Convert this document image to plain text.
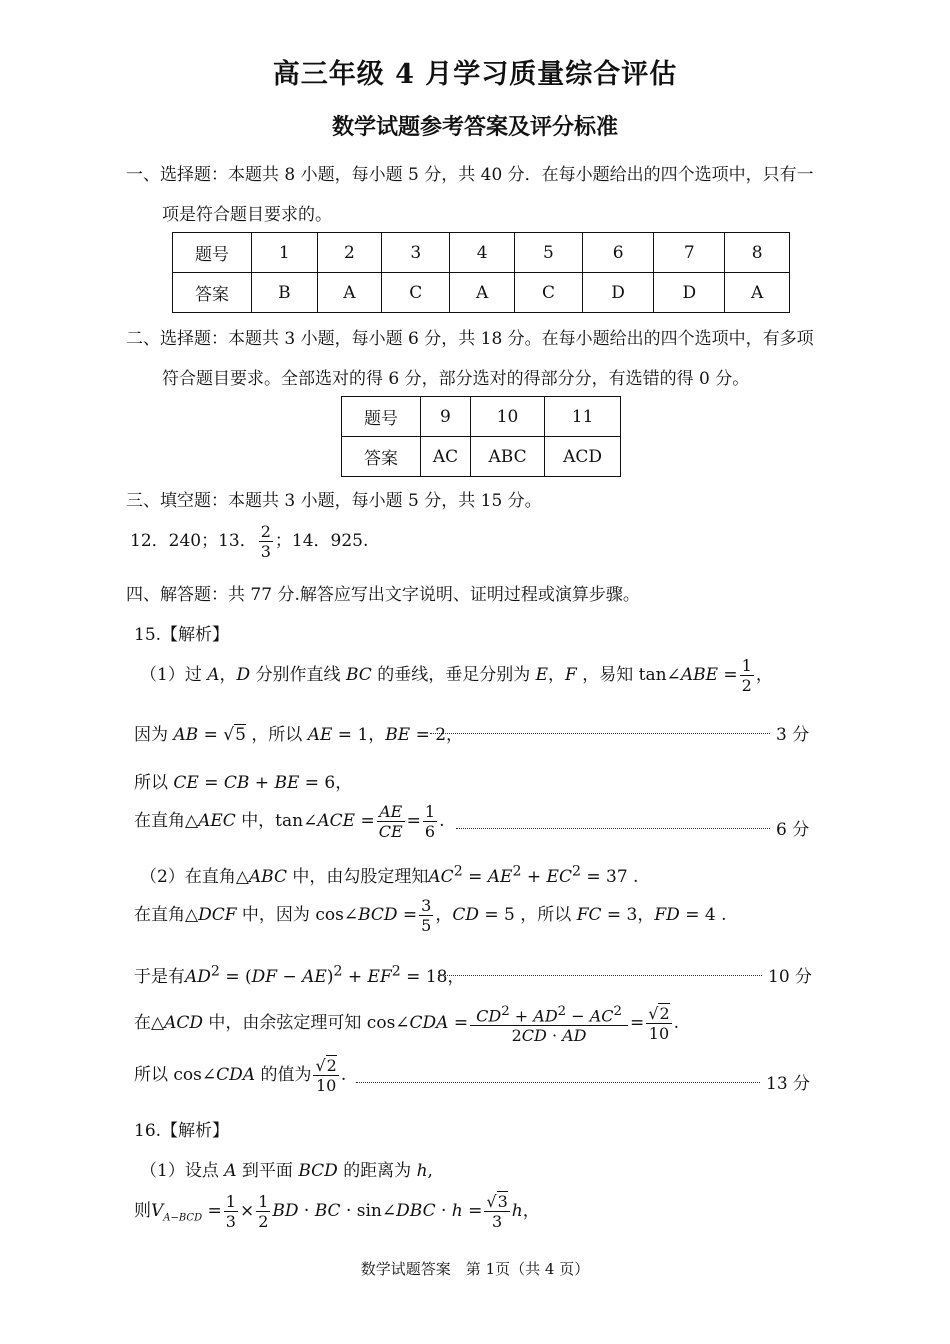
高三年级 4 月学习质量综合评估
数学试题参考答案及评分标准
一、选择题：本题共 8 小题，每小题 5 分，共 40 分．在每小题给出的四个选项中，只有一
项是符合题目要求的。
题号	1	2	3	4	5	6	7	8
答案	B	A	C	A	C	D	D	A
二、选择题：本题共 3 小题，每小题 6 分，共 18 分。在每小题给出的四个选项中，有多项
符合题目要求。全部选对的得 6 分，部分选对的得部分分，有选错的得 0 分。
题号	9	10	11
答案	AC	ABC	ACD
三、填空题：本题共 3 小题，每小题 5 分，共 15 分。
12．240；13． $\frac{2}{3}$ ；14．925.
四、解答题：共 77 分.解答应写出文字说明、证明过程或演算步骤。
15.【解析】
（1）过 A，D 分别作直线 BC 的垂线，垂足分别为 E，F ，易知 tan∠ABE = $\frac{1}{2}$ ，
因为 AB = √5 ，所以 AE = 1，BE = 2，	3 分
所以 CE = CB + BE = 6，
在直角△AEC 中，tan∠ACE = $\frac{AE}{CE} = \frac{1}{6}$ .	6 分
（2）在直角△ABC 中，由勾股定理知$AC^2 = AE^2 + EC^2 = 37$ .
在直角△DCF 中，因为 cos∠BCD = $\frac{3}{5}$ ，CD = 5 ，所以 FC = 3，FD = 4 .
于是有$AD^2 = (DF - AE)^2 + EF^2 = 18$，	10 分
在△ACD 中，由余弦定理可知 cos∠CDA = $\frac{CD^2 + AD^2 - AC^2}{2CD \cdot AD} = \frac{√2}{10}$ .
所以 cos∠CDA 的值为 $\frac{√2}{10}$ .	13 分
16.【解析】
（1）设点 A 到平面 BCD 的距离为 h,
则$V_{A-BCD} = \frac{1}{3} \times \frac{1}{2}$ BD · BC · sin∠DBC · $h = \frac{√3}{3}$ h，
数学试题答案　第 1页（共 4 页）
